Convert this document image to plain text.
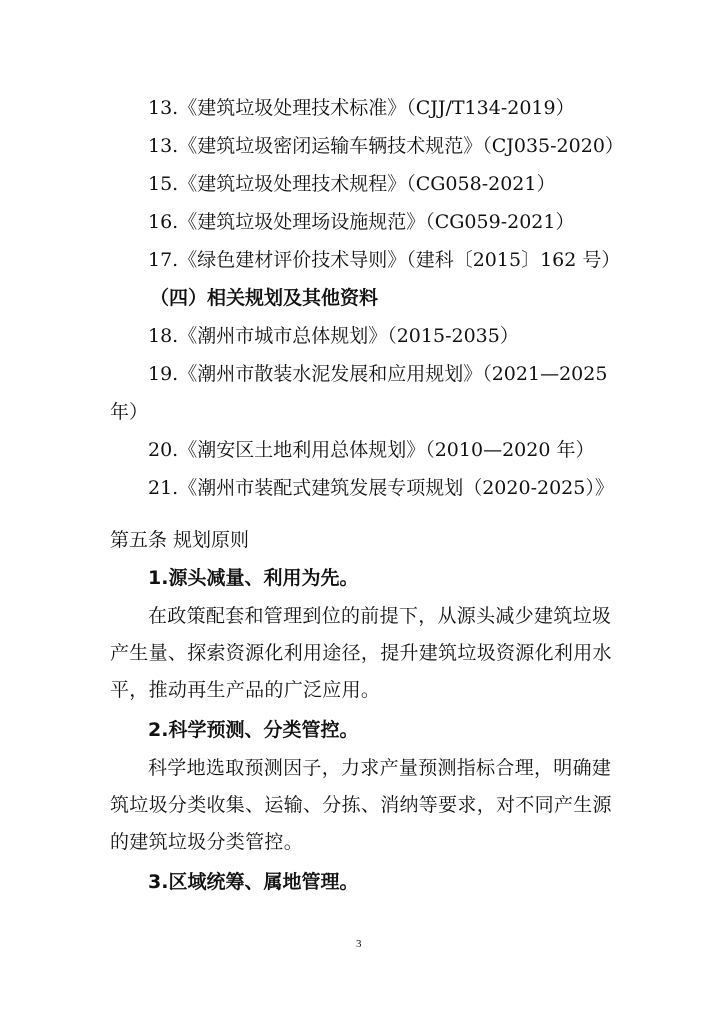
13.《建筑垃圾处理技术标准》（CJJ/T134-2019）
13.《建筑垃圾密闭运输车辆技术规范》（CJ035-2020）
15.《建筑垃圾处理技术规程》（CG058-2021）
16.《建筑垃圾处理场设施规范》（CG059-2021）
17.《绿色建材评价技术导则》（建科〔2015〕162 号）
（四）相关规划及其他资料
18.《潮州市城市总体规划》（2015-2035）
19.《潮州市散装水泥发展和应用规划》（2021—2025
年）
20.《潮安区土地利用总体规划》（2010—2020 年）
21.《潮州市装配式建筑发展专项规划（2020-2025）》
第五条 规划原则
1.源头减量、利用为先。
在政策配套和管理到位的前提下，从源头减少建筑垃圾产生量、探索资源化利用途径，提升建筑垃圾资源化利用水平，推动再生产品的广泛应用。
2.科学预测、分类管控。
科学地选取预测因子，力求产量预测指标合理，明确建筑垃圾分类收集、运输、分拣、消纳等要求，对不同产生源的建筑垃圾分类管控。
3.区域统筹、属地管理。
3
